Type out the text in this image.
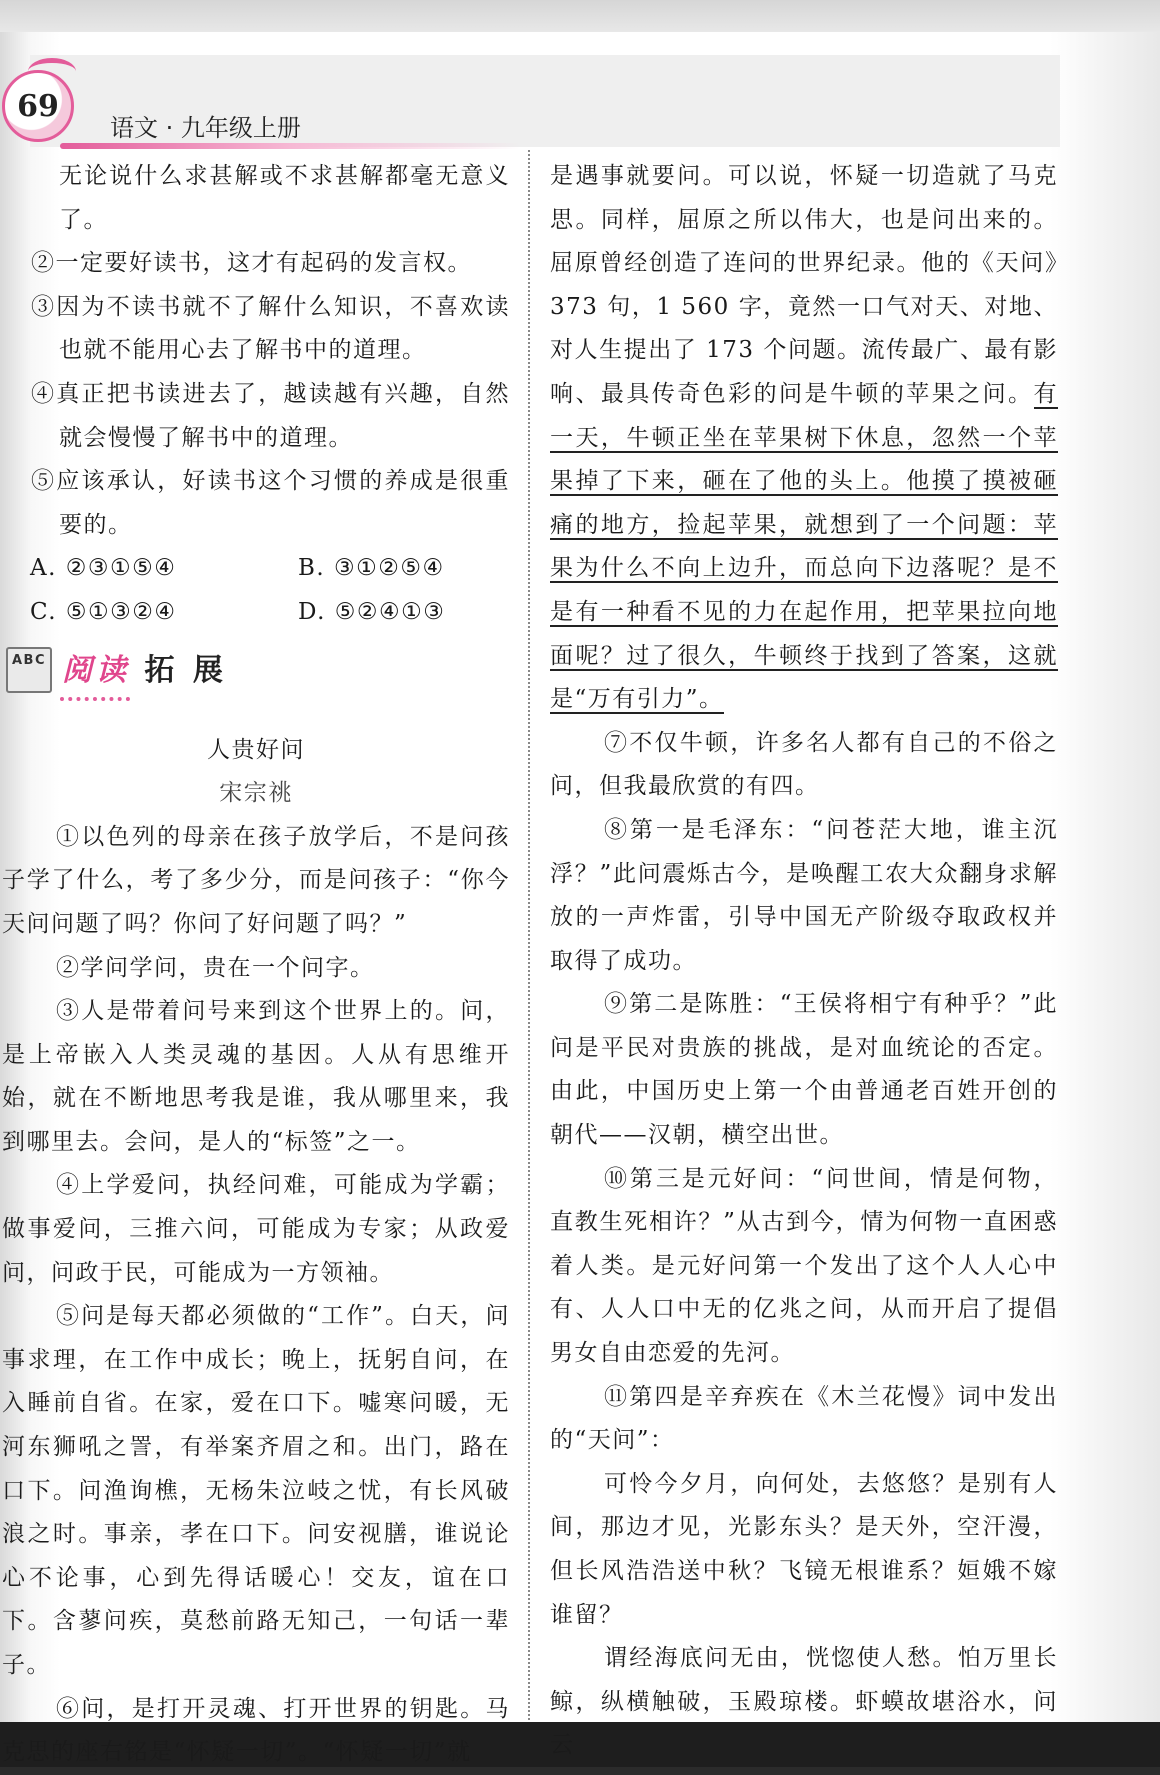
69
语文 · 九年级上册

无论说什么求甚解或不求甚解都毫无意义了。

②一定要好读书，这才有起码的发言权。

③因为不读书就不了解什么知识，不喜欢读也就不能用心去了解书中的道理。

④真正把书读进去了，越读越有兴趣，自然就会慢慢了解书中的道理。

⑤应该承认，好读书这个习惯的养成是很重要的。

A. ②③①⑤④	B. ③①②⑤④
C. ⑤①③②④	D. ⑤②④①③
ABC 阅读 拓 展

人贵好问

宋宗祧

①以色列的母亲在孩子放学后，不是问孩子学了什么，考了多少分，而是问孩子：“你今天问问题了吗？你问了好问题了吗？”

②学问学问，贵在一个问字。

③人是带着问号来到这个世界上的。问，是上帝嵌入人类灵魂的基因。人从有思维开始，就在不断地思考我是谁，我从哪里来，我到哪里去。会问，是人的“标签”之一。

④上学爱问，执经问难，可能成为学霸；做事爱问，三推六问，可能成为专家；从政爱问，问政于民，可能成为一方领袖。

⑤问是每天都必须做的“工作”。白天，问事求理，在工作中成长；晚上，抚躬自问，在入睡前自省。在家，爱在口下。嘘寒问暖，无河东狮吼之詈，有举案齐眉之和。出门，路在口下。问渔询樵，无杨朱泣岐之忧，有长风破浪之时。事亲，孝在口下。问安视膳，谁说论心不论事，心到先得话暖心！交友，谊在口下。含蓼问疾，莫愁前路无知己，一句话一辈子。

⑥问，是打开灵魂、打开世界的钥匙。马克思的座右铭是“怀疑一切”。“怀疑一切”就

是遇事就要问。可以说，怀疑一切造就了马克思。同样，屈原之所以伟大，也是问出来的。屈原曾经创造了连问的世界纪录。他的《天问》373 句，1 560 字，竟然一口气对天、对地、对人生提出了 173 个问题。流传最广、最有影响、最具传奇色彩的问是牛顿的苹果之问。有一天，牛顿正坐在苹果树下休息，忽然一个苹果掉了下来，砸在了他的头上。他摸了摸被砸痛的地方，捡起苹果，就想到了一个问题：苹果为什么不向上边升，而总向下边落呢？是不是有一种看不见的力在起作用，把苹果拉向地面呢？过了很久，牛顿终于找到了答案，这就是“万有引力”。

⑦不仅牛顿，许多名人都有自己的不俗之问，但我最欣赏的有四。

⑧第一是毛泽东：“问苍茫大地，谁主沉浮？”此问震烁古今，是唤醒工农大众翻身求解放的一声炸雷，引导中国无产阶级夺取政权并取得了成功。

⑨第二是陈胜：“王侯将相宁有种乎？”此问是平民对贵族的挑战，是对血统论的否定。由此，中国历史上第一个由普通老百姓开创的朝代——汉朝，横空出世。

⑩第三是元好问：“问世间，情是何物，直教生死相许？”从古到今，情为何物一直困惑着人类。是元好问第一个发出了这个人人心中有、人人口中无的亿兆之问，从而开启了提倡男女自由恋爱的先河。

⑪第四是辛弃疾在《木兰花慢》词中发出的“天问”：

可怜今夕月，向何处，去悠悠？是别有人间，那边才见，光影东头？是天外，空汗漫，但长风浩浩送中秋？飞镜无根谁系？姮娥不嫁谁留？

谓经海底问无由，恍惚使人愁。怕万里长鲸，纵横触破，玉殿琼楼。虾蟆故堪浴水，问云
